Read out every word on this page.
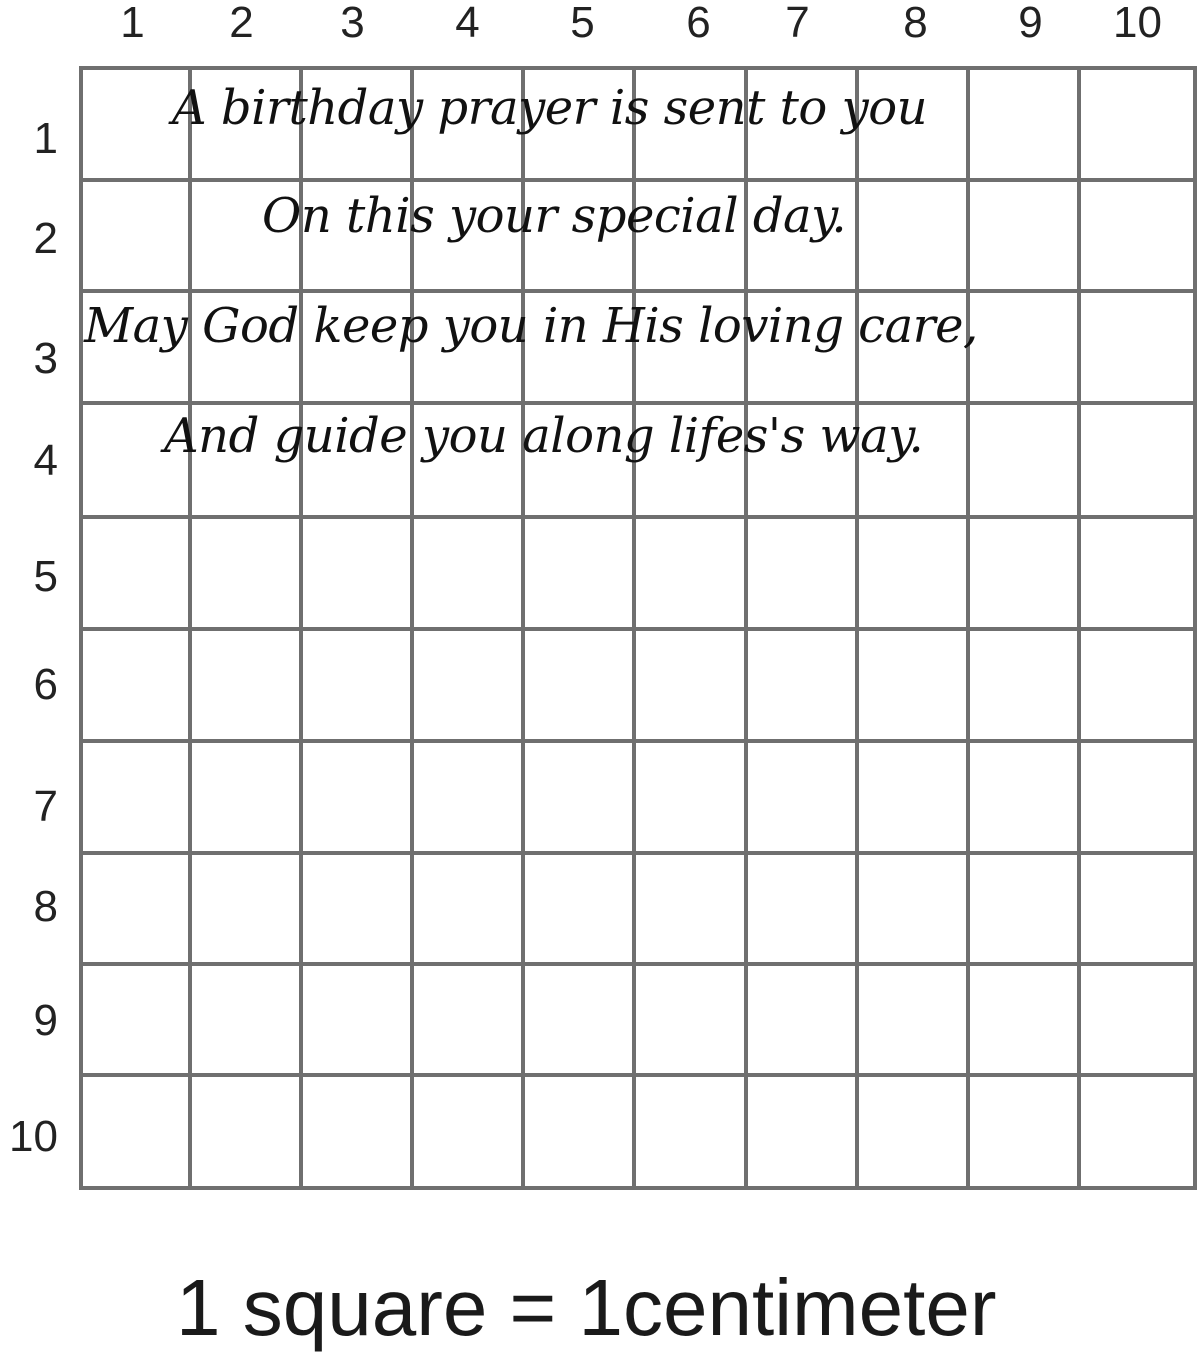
1	2	3	4	5	6	7	8	9	10
1
2
3
4
5
6
7
8
9
10

A birthday prayer is sent to you

On this your special day.

May God keep you in His loving care,

And guide you along lifes's way.

1 square = 1centimeter
